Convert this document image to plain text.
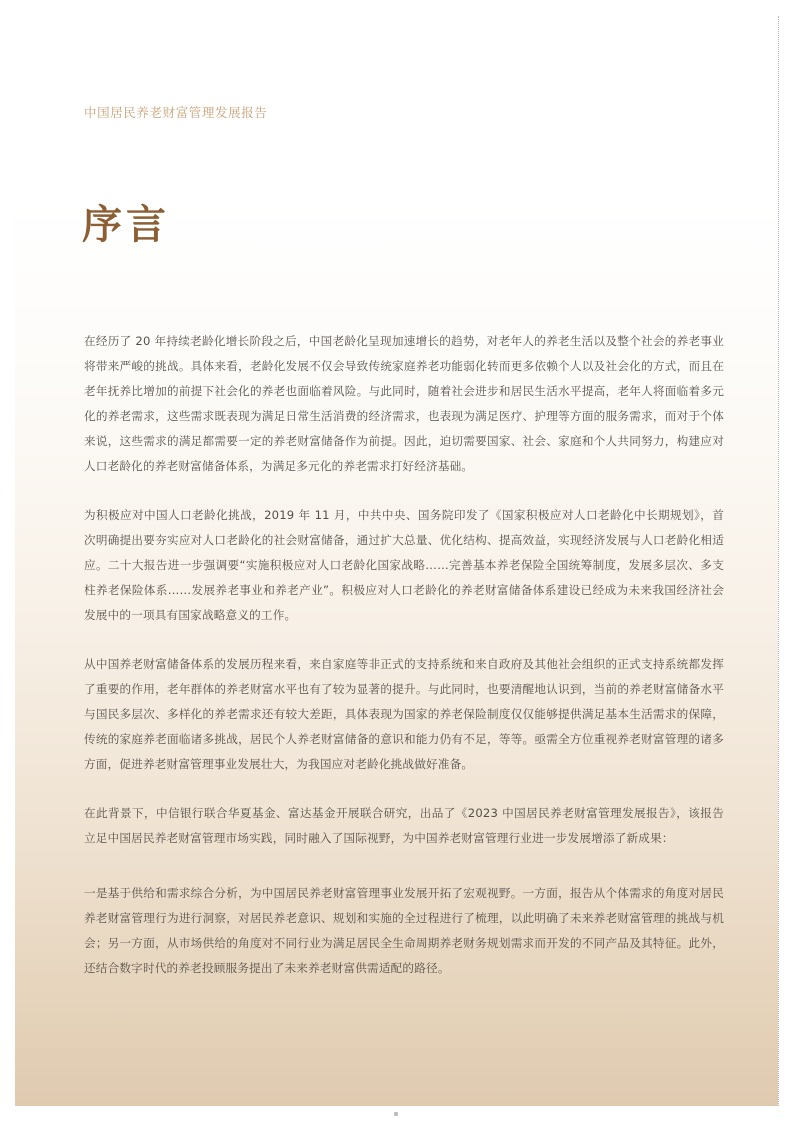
中国居民养老财富管理发展报告
序言

在经历了 20 年持续老龄化增长阶段之后，中国老龄化呈现加速增长的趋势，对老年人的养老生活以及整个社会的养老事业将带来严峻的挑战。具体来看，老龄化发展不仅会导致传统家庭养老功能弱化转而更多依赖个人以及社会化的方式，而且在老年抚养比增加的前提下社会化的养老也面临着风险。与此同时，随着社会进步和居民生活水平提高，老年人将面临着多元化的养老需求，这些需求既表现为满足日常生活消费的经济需求，也表现为满足医疗、护理等方面的服务需求，而对于个体来说，这些需求的满足都需要一定的养老财富储备作为前提。因此，迫切需要国家、社会、家庭和个人共同努力，构建应对人口老龄化的养老财富储备体系，为满足多元化的养老需求打好经济基础。

为积极应对中国人口老龄化挑战，2019 年 11 月，中共中央、国务院印发了《国家积极应对人口老龄化中长期规划》，首次明确提出要夯实应对人口老龄化的社会财富储备，通过扩大总量、优化结构、提高效益，实现经济发展与人口老龄化相适应。二十大报告进一步强调要“实施积极应对人口老龄化国家战略……完善基本养老保险全国统筹制度，发展多层次、多支柱养老保险体系……发展养老事业和养老产业”。积极应对人口老龄化的养老财富储备体系建设已经成为未来我国经济社会发展中的一项具有国家战略意义的工作。

从中国养老财富储备体系的发展历程来看，来自家庭等非正式的支持系统和来自政府及其他社会组织的正式支持系统都发挥了重要的作用，老年群体的养老财富水平也有了较为显著的提升。与此同时，也要清醒地认识到，当前的养老财富储备水平与国民多层次、多样化的养老需求还有较大差距，具体表现为国家的养老保险制度仅仅能够提供满足基本生活需求的保障，传统的家庭养老面临诸多挑战，居民个人养老财富储备的意识和能力仍有不足，等等。亟需全方位重视养老财富管理的诸多方面，促进养老财富管理事业发展壮大，为我国应对老龄化挑战做好准备。

在此背景下，中信银行联合华夏基金、富达基金开展联合研究，出品了《2023 中国居民养老财富管理发展报告》，该报告立足中国居民养老财富管理市场实践，同时融入了国际视野，为中国养老财富管理行业进一步发展增添了新成果：

一是基于供给和需求综合分析，为中国居民养老财富管理事业发展开拓了宏观视野。一方面，报告从个体需求的角度对居民养老财富管理行为进行洞察，对居民养老意识、规划和实施的全过程进行了梳理，以此明确了未来养老财富管理的挑战与机会；另一方面，从市场供给的角度对不同行业为满足居民全生命周期养老财务规划需求而开发的不同产品及其特征。此外，还结合数字时代的养老投顾服务提出了未来养老财富供需适配的路径。
